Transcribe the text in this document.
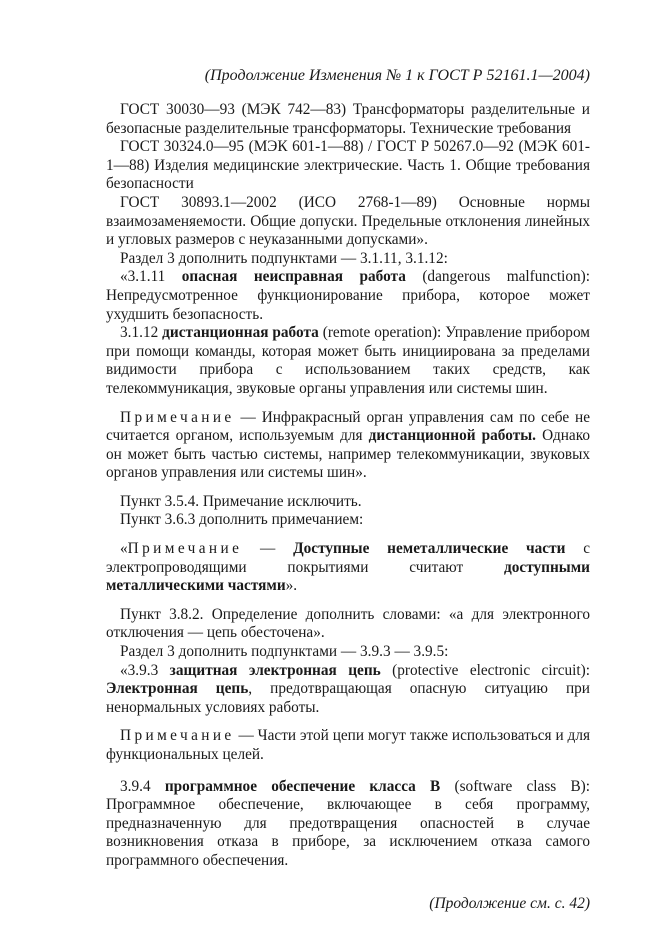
(Продолжение Изменения № 1 к ГОСТ Р 52161.1—2004)

ГОСТ 30030—93 (МЭК 742—83) Трансформаторы разделительные и безопасные разделительные трансформаторы. Технические требования

ГОСТ 30324.0—95 (МЭК 601-1—88) / ГОСТ Р 50267.0—92 (МЭК 601-1—88) Изделия медицинские электрические. Часть 1. Общие требования безопасности

ГОСТ 30893.1—2002 (ИСО 2768-1—89) Основные нормы взаимозаменяемости. Общие допуски. Предельные отклонения линейных и угловых размеров с неуказанными допусками».

Раздел 3 дополнить подпунктами — 3.1.11, 3.1.12:

«3.1.11 опасная неисправная работа (dangerous malfunction): Непредусмотренное функционирование прибора, которое может ухудшить безопасность.

3.1.12 дистанционная работа (remote operation): Управление прибором при помощи команды, которая может быть инициирована за пределами видимости прибора с использованием таких средств, как телекоммуникация, звуковые органы управления или системы шин.

Примечание — Инфракрасный орган управления сам по себе не считается органом, используемым для дистанционной работы. Однако он может быть частью системы, например телекоммуникации, звуковых органов управления или системы шин».

Пункт 3.5.4. Примечание исключить.

Пункт 3.6.3 дополнить примечанием:

«Примечание — Доступные неметаллические части с электропроводящими покрытиями считают доступными металлическими частями».

Пункт 3.8.2. Определение дополнить словами: «а для электронного отключения — цепь обесточена».

Раздел 3 дополнить подпунктами — 3.9.3 — 3.9.5:

«3.9.3 защитная электронная цепь (protective electronic circuit): Электронная цепь, предотвращающая опасную ситуацию при ненормальных условиях работы.

Примечание — Части этой цепи могут также использоваться и для функциональных целей.

3.9.4 программное обеспечение класса В (software class B): Программное обеспечение, включающее в себя программу, предназначенную для предотвращения опасностей в случае возникновения отказа в приборе, за исключением отказа самого программного обеспечения.

(Продолжение см. с. 42)
